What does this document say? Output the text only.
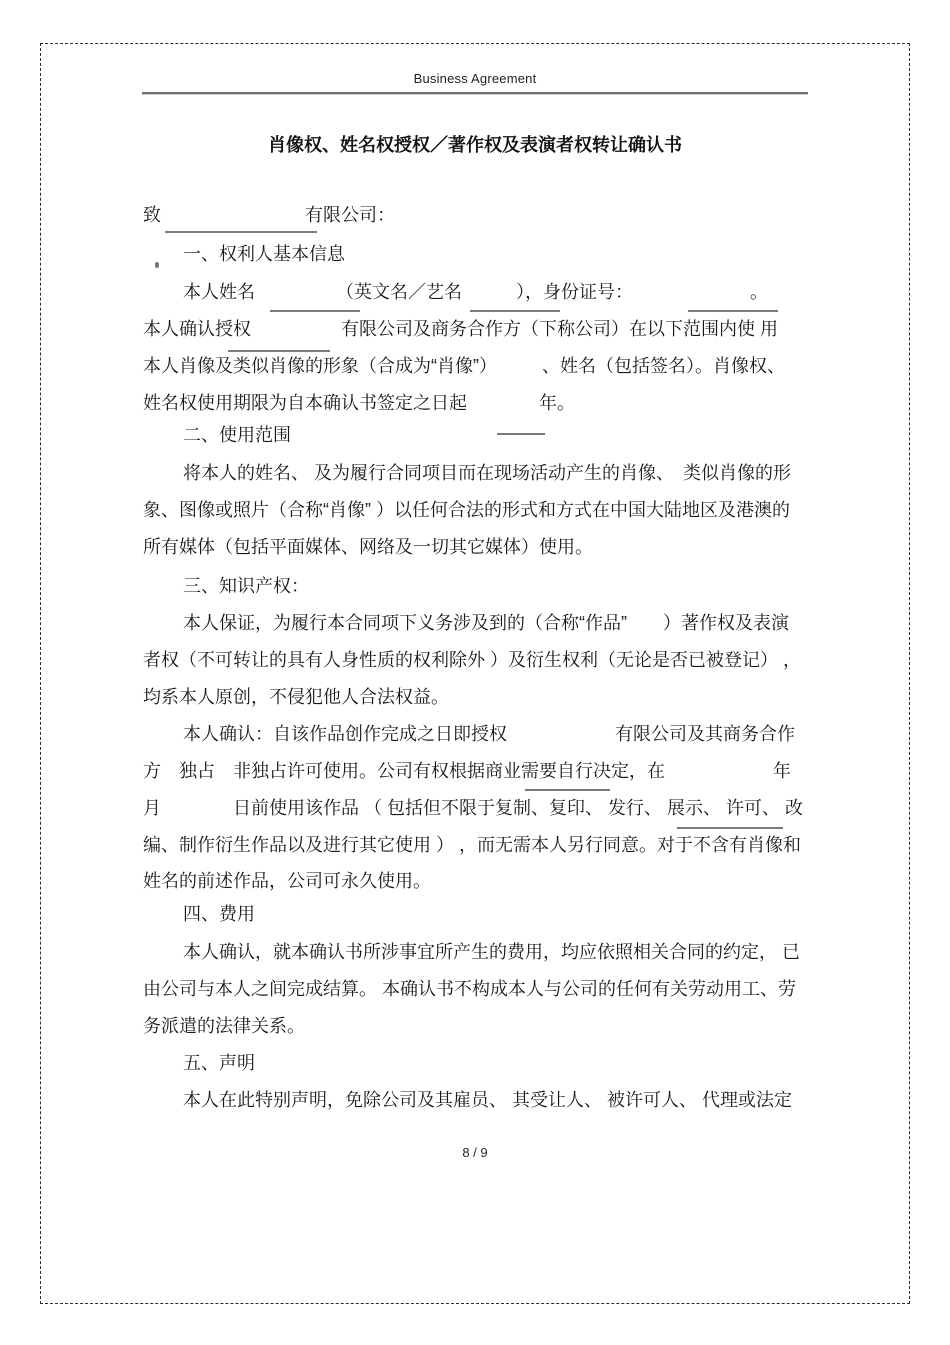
Business Agreement
肖像权、姓名权授权／著作权及表演者权转让确认书
致　　　　　　　　有限公司：
一、权利人基本信息
本人姓名　　　　　（英文名／艺名　　　），身份证号：　　　　　　　。
本人确认授权　　　　　有限公司及商务合作方（下称公司）在以下范围内使 用
本人肖像及类似肖像的形象（合成为“肖像”）　　　、姓名（包括签名）。肖像权、
姓名权使用期限为自本确认书签定之日起　　　　年。
二、使用范围
将本人的姓名、 及为履行合同项目而在现场活动产生的肖像、　类似肖像的形
象、图像或照片（合称“肖像” ）以任何合法的形式和方式在中国大陆地区及港澳的
所有媒体（包括平面媒体、网络及一切其它媒体）使用。
三、知识产权：
本人保证，为履行本合同项下义务涉及到的（合称“作品”　　）著作权及表演
者权（不可转让的具有人身性质的权利除外 ）及衍生权利（无论是否已被登记） ，
均系本人原创，不侵犯他人合法权益。
本人确认：自该作品创作完成之日即授权　　　　　　有限公司及其商务合作
方　独占　非独占许可使用。公司有权根据商业需要自行决定，在　　　　　　年
月　　　　日前使用该作品 （ 包括但不限于复制、复印、 发行、 展示、 许可、 改
编、制作衍生作品以及进行其它使用 ） ，而无需本人另行同意。对于不含有肖像和
姓名的前述作品，公司可永久使用。
四、费用
本人确认，就本确认书所涉事宜所产生的费用，均应依照相关合同的约定， 已
由公司与本人之间完成结算。 本确认书不构成本人与公司的任何有关劳动用工、劳
务派遣的法律关系。
五、声明
本人在此特别声明，免除公司及其雇员、 其受让人、 被许可人、 代理或法定
8 / 9
